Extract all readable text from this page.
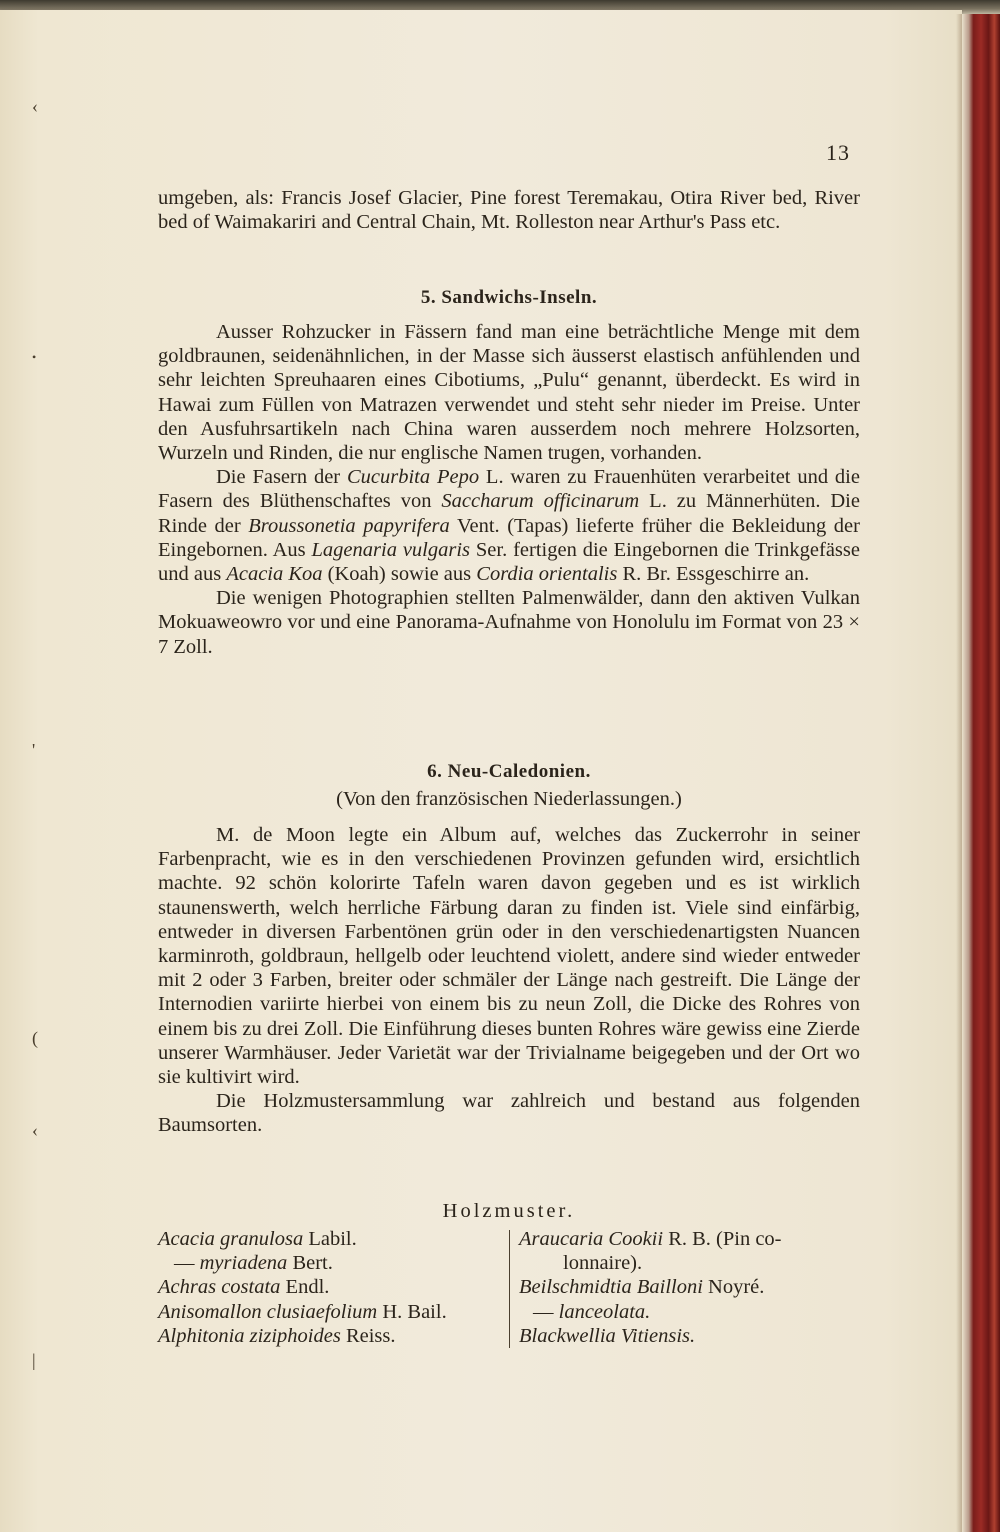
‹
•
'
(
‹
|
13

umgeben, als: Francis Josef Glacier, Pine forest Teremakau, Otira River bed, River bed of Waimakariri and Central Chain, Mt. Rolleston near Arthur's Pass etc.

5. Sandwichs-Inseln.

Ausser Rohzucker in Fässern fand man eine beträchtliche Menge mit dem goldbraunen, seidenähnlichen, in der Masse sich äusserst elastisch anfühlenden und sehr leichten Spreuhaaren eines Cibotiums, „Pulu“ genannt, überdeckt. Es wird in Hawai zum Füllen von Matrazen verwendet und steht sehr nieder im Preise. Unter den Ausfuhrsartikeln nach China waren ausserdem noch mehrere Holzsorten, Wurzeln und Rinden, die nur englische Namen trugen, vorhanden.

Die Fasern der Cucurbita Pepo L. waren zu Frauenhüten verarbeitet und die Fasern des Blüthenschaftes von Saccharum officinarum L. zu Männerhüten. Die Rinde der Broussonetia papyrifera Vent. (Tapas) lieferte früher die Bekleidung der Eingebornen. Aus Lagenaria vulgaris Ser. fertigen die Eingebornen die Trinkgefässe und aus Acacia Koa (Koah) sowie aus Cordia orientalis R. Br. Essgeschirre an.

Die wenigen Photographien stellten Palmenwälder, dann den aktiven Vulkan Mokuaweowro vor und eine Panorama-Aufnahme von Honolulu im Format von 23 × 7 Zoll.

6. Neu-Caledonien.
(Von den französischen Niederlassungen.)

M. de Moon legte ein Album auf, welches das Zuckerrohr in seiner Farbenpracht, wie es in den verschiedenen Provinzen gefunden wird, ersichtlich machte. 92 schön kolorirte Tafeln waren davon gegeben und es ist wirklich staunenswerth, welch herrliche Färbung daran zu finden ist. Viele sind einfärbig, entweder in diversen Farbentönen grün oder in den verschiedenartigsten Nuancen karminroth, goldbraun, hellgelb oder leuchtend violett, andere sind wieder entweder mit 2 oder 3 Farben, breiter oder schmäler der Länge nach gestreift. Die Länge der Internodien variirte hierbei von einem bis zu neun Zoll, die Dicke des Rohres von einem bis zu drei Zoll. Die Einführung dieses bunten Rohres wäre gewiss eine Zierde unserer Warmhäuser. Jeder Varietät war der Trivialname beigegeben und der Ort wo sie kultivirt wird.

Die Holzmustersammlung war zahlreich und bestand aus folgenden Baumsorten.

Holzmuster.
Acacia granulosa Labil.
— myriadena Bert.
Achras costata Endl.
Anisomallon clusiaefolium H. Bail.
Alphitonia ziziphoides Reiss.
Araucaria Cookii R. B. (Pin co-
lonnaire).
Beilschmidtia Bailloni Noyré.
— lanceolata.
Blackwellia Vitiensis.
